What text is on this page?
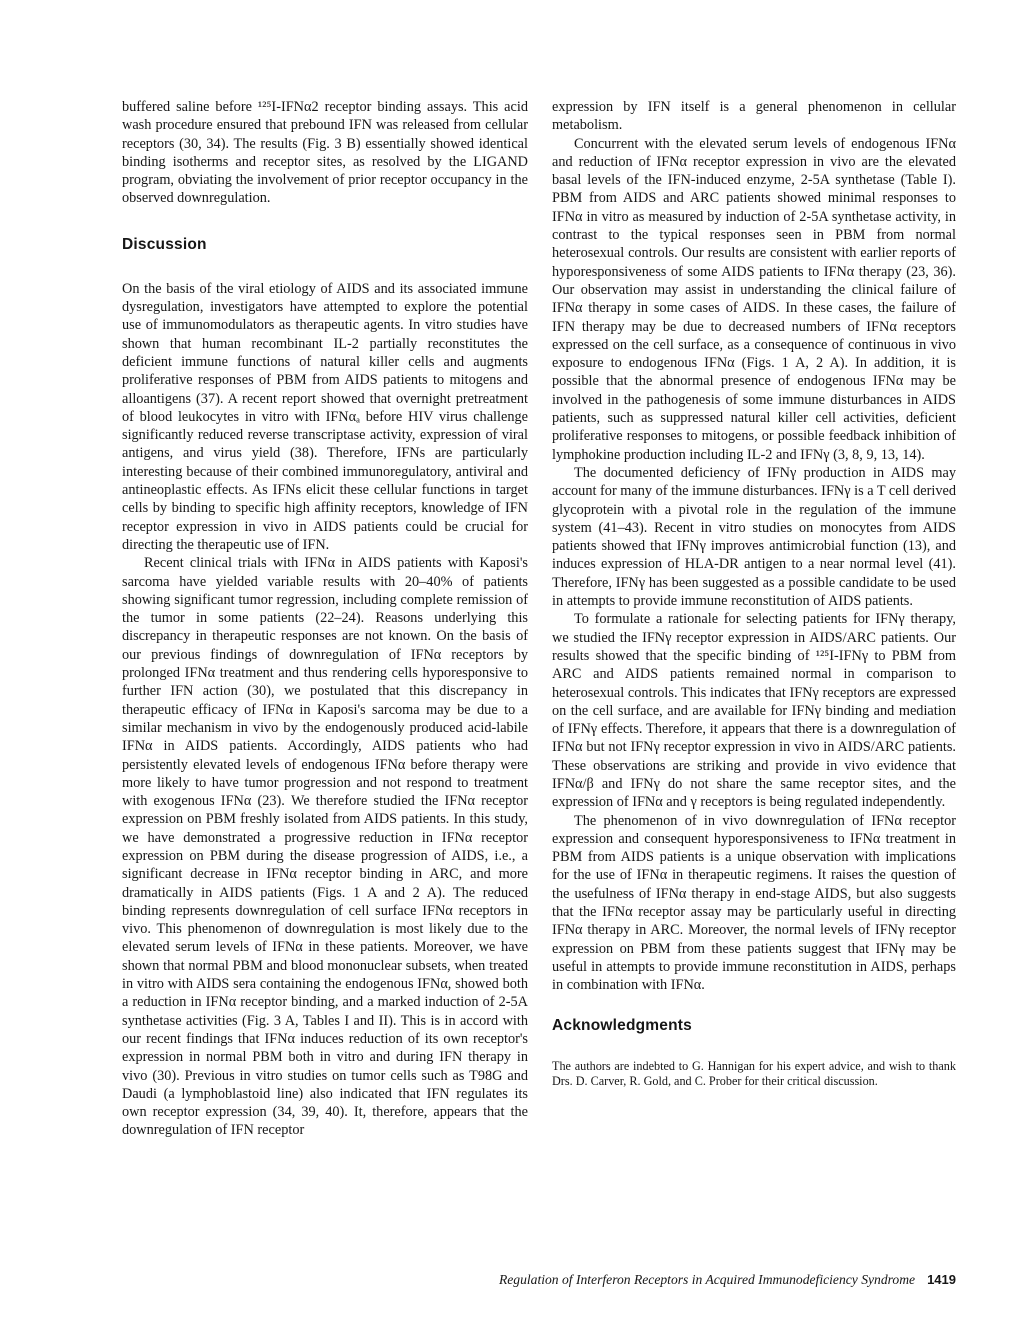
buffered saline before ¹²⁵I-IFNα2 receptor binding assays. This acid wash procedure ensured that prebound IFN was released from cellular receptors (30, 34). The results (Fig. 3 B) essentially showed identical binding isotherms and receptor sites, as resolved by the LIGAND program, obviating the involvement of prior receptor occupancy in the observed downregulation.

Discussion

On the basis of the viral etiology of AIDS and its associated immune dysregulation, investigators have attempted to explore the potential use of immunomodulators as therapeutic agents. In vitro studies have shown that human recombinant IL-2 partially reconstitutes the deficient immune functions of natural killer cells and augments proliferative responses of PBM from AIDS patients to mitogens and alloantigens (37). A recent report showed that overnight pretreatment of blood leukocytes in vitro with IFNαₐ before HIV virus challenge significantly reduced reverse transcriptase activity, expression of viral antigens, and virus yield (38). Therefore, IFNs are particularly interesting because of their combined immunoregulatory, antiviral and antineoplastic effects. As IFNs elicit these cellular functions in target cells by binding to specific high affinity receptors, knowledge of IFN receptor expression in vivo in AIDS patients could be crucial for directing the therapeutic use of IFN.

Recent clinical trials with IFNα in AIDS patients with Kaposi's sarcoma have yielded variable results with 20–40% of patients showing significant tumor regression, including complete remission of the tumor in some patients (22–24). Reasons underlying this discrepancy in therapeutic responses are not known. On the basis of our previous findings of downregulation of IFNα receptors by prolonged IFNα treatment and thus rendering cells hyporesponsive to further IFN action (30), we postulated that this discrepancy in therapeutic efficacy of IFNα in Kaposi's sarcoma may be due to a similar mechanism in vivo by the endogenously produced acid-labile IFNα in AIDS patients. Accordingly, AIDS patients who had persistently elevated levels of endogenous IFNα before therapy were more likely to have tumor progression and not respond to treatment with exogenous IFNα (23). We therefore studied the IFNα receptor expression on PBM freshly isolated from AIDS patients. In this study, we have demonstrated a progressive reduction in IFNα receptor expression on PBM during the disease progression of AIDS, i.e., a significant decrease in IFNα receptor binding in ARC, and more dramatically in AIDS patients (Figs. 1 A and 2 A). The reduced binding represents downregulation of cell surface IFNα receptors in vivo. This phenomenon of downregulation is most likely due to the elevated serum levels of IFNα in these patients. Moreover, we have shown that normal PBM and blood mononuclear subsets, when treated in vitro with AIDS sera containing the endogenous IFNα, showed both a reduction in IFNα receptor binding, and a marked induction of 2-5A synthetase activities (Fig. 3 A, Tables I and II). This is in accord with our recent findings that IFNα induces reduction of its own receptor's expression in normal PBM both in vitro and during IFN therapy in vivo (30). Previous in vitro studies on tumor cells such as T98G and Daudi (a lymphoblastoid line) also indicated that IFN regulates its own receptor expression (34, 39, 40). It, therefore, appears that the downregulation of IFN receptor

expression by IFN itself is a general phenomenon in cellular metabolism.

Concurrent with the elevated serum levels of endogenous IFNα and reduction of IFNα receptor expression in vivo are the elevated basal levels of the IFN-induced enzyme, 2-5A synthetase (Table I). PBM from AIDS and ARC patients showed minimal responses to IFNα in vitro as measured by induction of 2-5A synthetase activity, in contrast to the typical responses seen in PBM from normal heterosexual controls. Our results are consistent with earlier reports of hyporesponsiveness of some AIDS patients to IFNα therapy (23, 36). Our observation may assist in understanding the clinical failure of IFNα therapy in some cases of AIDS. In these cases, the failure of IFN therapy may be due to decreased numbers of IFNα receptors expressed on the cell surface, as a consequence of continuous in vivo exposure to endogenous IFNα (Figs. 1 A, 2 A). In addition, it is possible that the abnormal presence of endogenous IFNα may be involved in the pathogenesis of some immune disturbances in AIDS patients, such as suppressed natural killer cell activities, deficient proliferative responses to mitogens, or possible feedback inhibition of lymphokine production including IL-2 and IFNγ (3, 8, 9, 13, 14).

The documented deficiency of IFNγ production in AIDS may account for many of the immune disturbances. IFNγ is a T cell derived glycoprotein with a pivotal role in the regulation of the immune system (41–43). Recent in vitro studies on monocytes from AIDS patients showed that IFNγ improves antimicrobial function (13), and induces expression of HLA-DR antigen to a near normal level (41). Therefore, IFNγ has been suggested as a possible candidate to be used in attempts to provide immune reconstitution of AIDS patients.

To formulate a rationale for selecting patients for IFNγ therapy, we studied the IFNγ receptor expression in AIDS/ARC patients. Our results showed that the specific binding of ¹²⁵I-IFNγ to PBM from ARC and AIDS patients remained normal in comparison to heterosexual controls. This indicates that IFNγ receptors are expressed on the cell surface, and are available for IFNγ binding and mediation of IFNγ effects. Therefore, it appears that there is a downregulation of IFNα but not IFNγ receptor expression in vivo in AIDS/ARC patients. These observations are striking and provide in vivo evidence that IFNα/β and IFNγ do not share the same receptor sites, and the expression of IFNα and γ receptors is being regulated independently.

The phenomenon of in vivo downregulation of IFNα receptor expression and consequent hyporesponsiveness to IFNα treatment in PBM from AIDS patients is a unique observation with implications for the use of IFNα in therapeutic regimens. It raises the question of the usefulness of IFNα therapy in end-stage AIDS, but also suggests that the IFNα receptor assay may be particularly useful in directing IFNα therapy in ARC. Moreover, the normal levels of IFNγ receptor expression on PBM from these patients suggest that IFNγ may be useful in attempts to provide immune reconstitution in AIDS, perhaps in combination with IFNα.

Acknowledgments

The authors are indebted to G. Hannigan for his expert advice, and wish to thank Drs. D. Carver, R. Gold, and C. Prober for their critical discussion.

Regulation of Interferon Receptors in Acquired Immunodeficiency Syndrome 1419
